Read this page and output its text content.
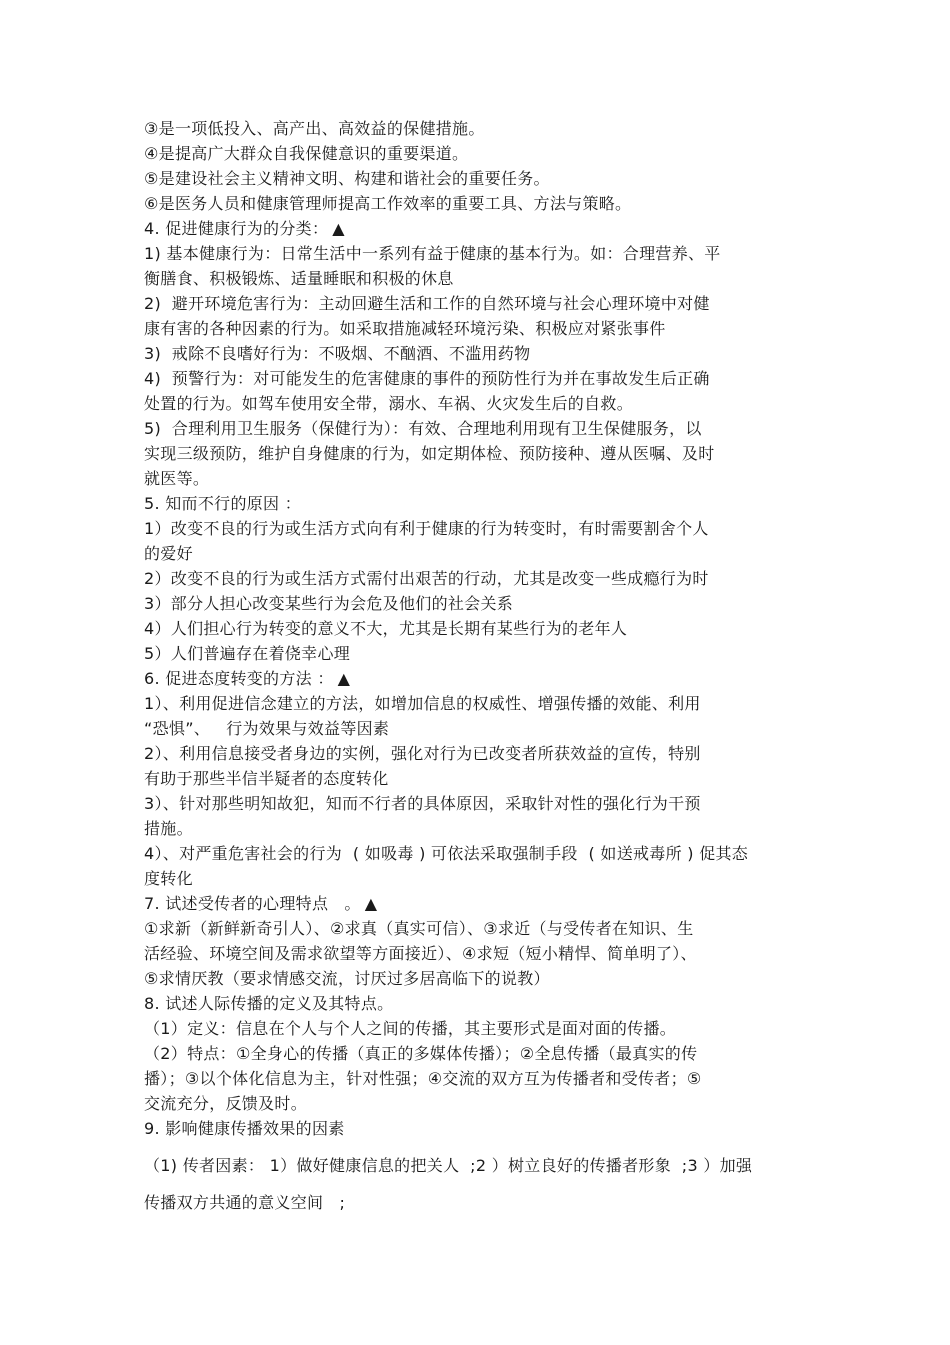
③是一项低投入、高产出、高效益的保健措施。
④是提高广大群众自我保健意识的重要渠道。
⑤是建设社会主义精神文明、构建和谐社会的重要任务。
⑥是医务人员和健康管理师提高工作效率的重要工具、方法与策略。
4. 促进健康行为的分类： ▲
1) 基本健康行为：日常生活中一系列有益于健康的基本行为。如：合理营养、平
衡膳食、积极锻炼、适量睡眠和积极的休息
2)  避开环境危害行为：主动回避生活和工作的自然环境与社会心理环境中对健
康有害的各种因素的行为。如采取措施减轻环境污染、积极应对紧张事件
3)  戒除不良嗜好行为：不吸烟、不酗酒、不滥用药物
4)  预警行为：对可能发生的危害健康的事件的预防性行为并在事故发生后正确
处置的行为。如驾车使用安全带，溺水、车祸、火灾发生后的自救。
5)  合理利用卫生服务（保健行为）：有效、合理地利用现有卫生保健服务，以
实现三级预防，维护自身健康的行为，如定期体检、预防接种、遵从医嘱、及时
就医等。
5. 知而不行的原因 ：
1）改变不良的行为或生活方式向有利于健康的行为转变时，有时需要割舍个人
的爱好
2）改变不良的行为或生活方式需付出艰苦的行动，尤其是改变一些成瘾行为时
3）部分人担心改变某些行为会危及他们的社会关系
4）人们担心行为转变的意义不大，尤其是长期有某些行为的老年人
5）人们普遍存在着侥幸心理
6. 促进态度转变的方法 ： ▲
1）、利用促进信念建立的方法，如增加信息的权威性、增强传播的效能、利用
“恐惧”、   行为效果与效益等因素
2）、利用信息接受者身边的实例，强化对行为已改变者所获效益的宣传，特别
有助于那些半信半疑者的态度转化
3）、针对那些明知故犯，知而不行者的具体原因，采取针对性的强化行为干预
措施。
4）、对严重危害社会的行为  ( 如吸毒 ) 可依法采取强制手段  ( 如送戒毒所 ) 促其态
度转化
7. 试述受传者的心理特点   。 ▲
①求新（新鲜新奇引人）、②求真（真实可信）、③求近（与受传者在知识、生
活经验、环境空间及需求欲望等方面接近）、④求短（短小精悍、简单明了）、
⑤求情厌教（要求情感交流，讨厌过多居高临下的说教）
8. 试述人际传播的定义及其特点。
（1）定义：信息在个人与个人之间的传播，其主要形式是面对面的传播。
（2）特点：①全身心的传播（真正的多媒体传播）；②全息传播（最真实的传
播）；③以个体化信息为主，针对性强；④交流的双方互为传播者和受传者；⑤
交流充分，反馈及时。
9. 影响健康传播效果的因素
（1) 传者因素： 1）做好健康信息的把关人  ;2 ）树立良好的传播者形象  ;3 ）加强
传播双方共通的意义空间   ;
